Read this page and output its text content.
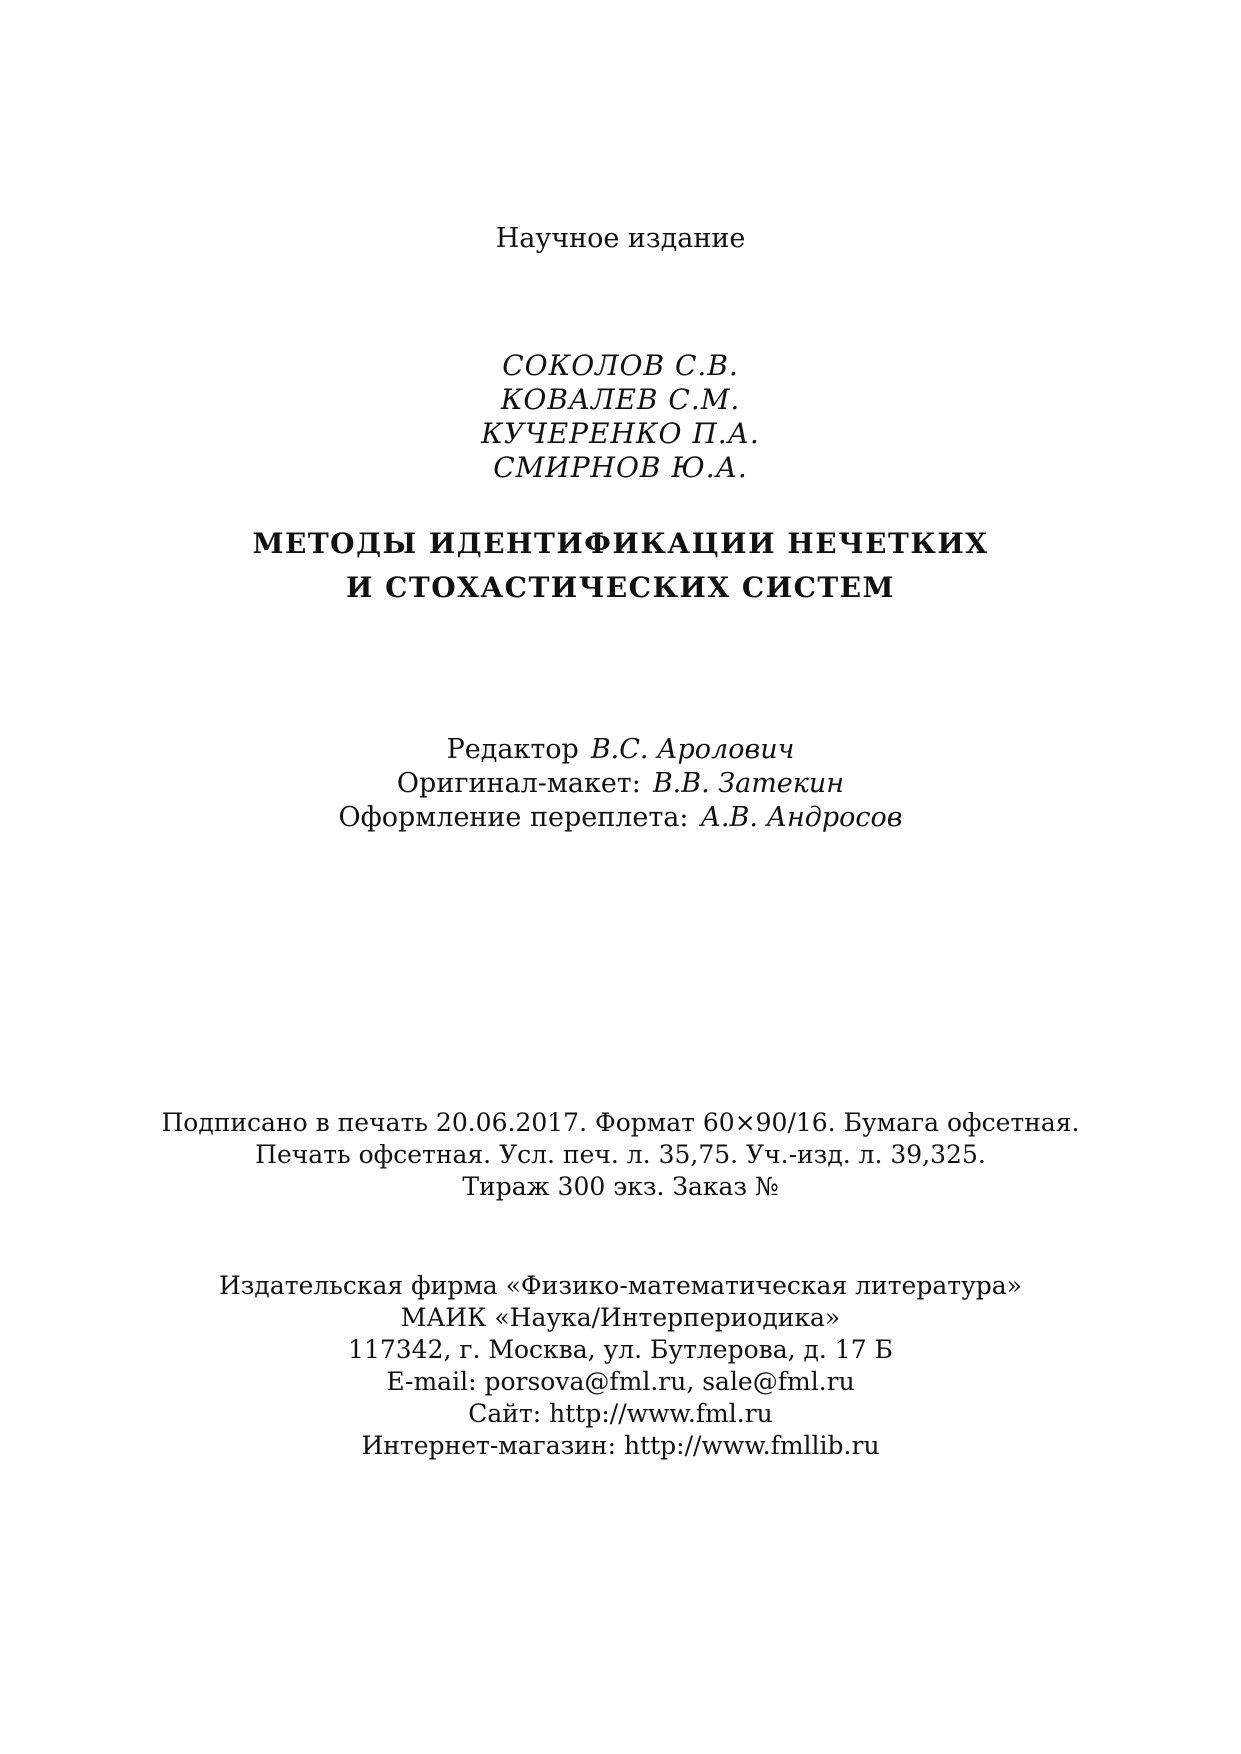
Научное издание
СОКОЛОВ С.В.
КОВАЛЕВ С.М.
КУЧЕРЕНКО П.А.
СМИРНОВ Ю.А.
МЕТОДЫ ИДЕНТИФИКАЦИИ НЕЧЕТКИХ
И СТОХАСТИЧЕСКИХ СИСТЕМ
Редактор В.С. Аролович
Оригинал-макет: В.В. Затекин
Оформление переплета: А.В. Андросов
Подписано в печать 20.06.2017. Формат 60×90/16. Бумага офсетная.
Печать офсетная. Усл. печ. л. 35,75. Уч.-изд. л. 39,325.
Тираж 300 экз. Заказ №
Издательская фирма «Физико-математическая литература»
МАИК «Наука/Интерпериодика»
117342, г. Москва, ул. Бутлерова, д. 17 Б
E-mail: porsova@fml.ru, sale@fml.ru
Сайт: http://www.fml.ru
Интернет-магазин: http://www.fmllib.ru
